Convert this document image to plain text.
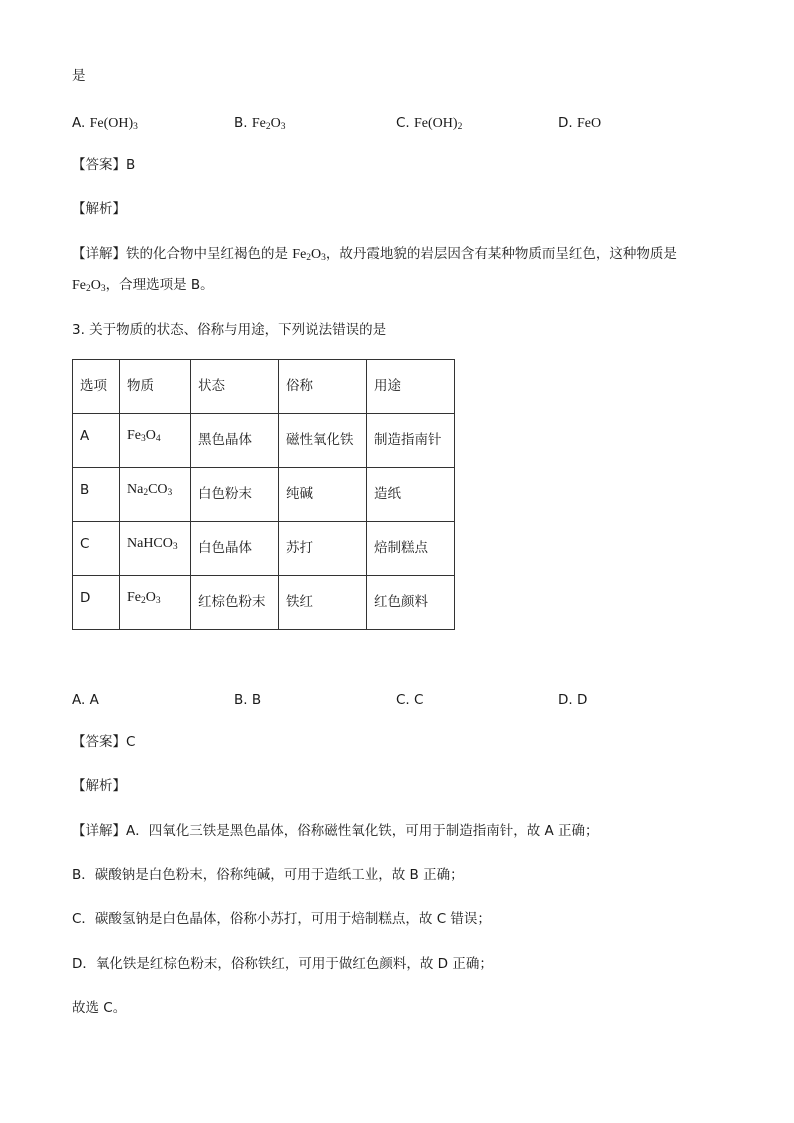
是
A. $Fe(OH)_3$	B. $Fe_2O_3$	C. $Fe(OH)_2$	D. FeO
【答案】B
【解析】
【详解】铁的化合物中呈红褐色的是 $Fe_2O_3$，故丹霞地貌的岩层因含有某种物质而呈红色，这种物质是
$Fe_2O_3$，合理选项是 B。
3. 关于物质的状态、俗称与用途，下列说法错误的是
选项	物质	状态	俗称	用途
A	$Fe_3O_4$	黑色晶体	磁性氧化铁	制造指南针
B	$Na_2CO_3$	白色粉末	纯碱	造纸
C	NaHCO$_3$	白色晶体	苏打	焙制糕点
D	$Fe_2O_3$	红棕色粉末	铁红	红色颜料
A. A	B. B	C. C	D. D
【答案】C
【解析】
【详解】A．四氧化三铁是黑色晶体，俗称磁性氧化铁，可用于制造指南针，故 A 正确；
B．碳酸钠是白色粉末，俗称纯碱，可用于造纸工业，故 B 正确；
C．碳酸氢钠是白色晶体，俗称小苏打，可用于焙制糕点，故 C 错误；
D．氧化铁是红棕色粉末，俗称铁红，可用于做红色颜料，故 D 正确；
故选 C。
